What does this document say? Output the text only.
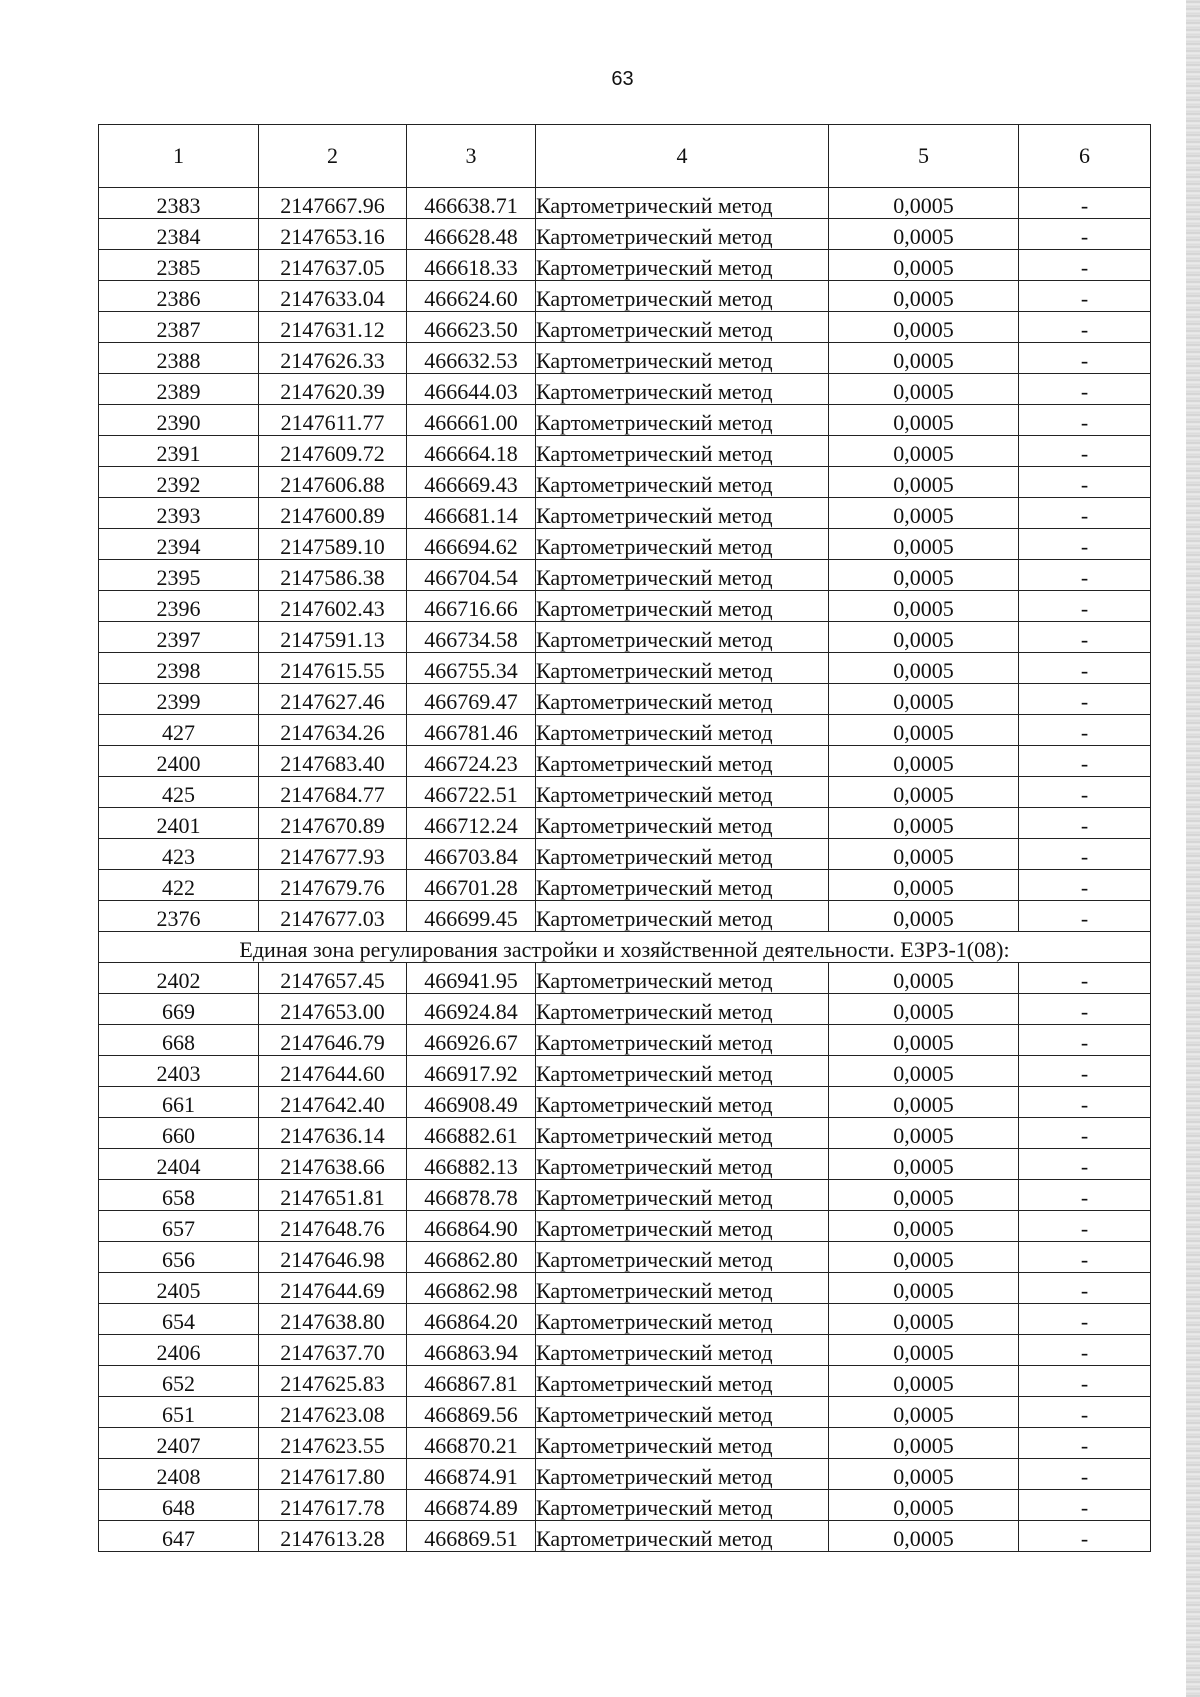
63
1	2	3	4	5	6
2383	2147667.96	466638.71	Картометрический метод	0,0005	-
2384	2147653.16	466628.48	Картометрический метод	0,0005	-
2385	2147637.05	466618.33	Картометрический метод	0,0005	-
2386	2147633.04	466624.60	Картометрический метод	0,0005	-
2387	2147631.12	466623.50	Картометрический метод	0,0005	-
2388	2147626.33	466632.53	Картометрический метод	0,0005	-
2389	2147620.39	466644.03	Картометрический метод	0,0005	-
2390	2147611.77	466661.00	Картометрический метод	0,0005	-
2391	2147609.72	466664.18	Картометрический метод	0,0005	-
2392	2147606.88	466669.43	Картометрический метод	0,0005	-
2393	2147600.89	466681.14	Картометрический метод	0,0005	-
2394	2147589.10	466694.62	Картометрический метод	0,0005	-
2395	2147586.38	466704.54	Картометрический метод	0,0005	-
2396	2147602.43	466716.66	Картометрический метод	0,0005	-
2397	2147591.13	466734.58	Картометрический метод	0,0005	-
2398	2147615.55	466755.34	Картометрический метод	0,0005	-
2399	2147627.46	466769.47	Картометрический метод	0,0005	-
427	2147634.26	466781.46	Картометрический метод	0,0005	-
2400	2147683.40	466724.23	Картометрический метод	0,0005	-
425	2147684.77	466722.51	Картометрический метод	0,0005	-
2401	2147670.89	466712.24	Картометрический метод	0,0005	-
423	2147677.93	466703.84	Картометрический метод	0,0005	-
422	2147679.76	466701.28	Картометрический метод	0,0005	-
2376	2147677.03	466699.45	Картометрический метод	0,0005	-
Единая зона регулирования застройки и хозяйственной деятельности. ЕЗРЗ-1(08):					
2402	2147657.45	466941.95	Картометрический метод	0,0005	-
669	2147653.00	466924.84	Картометрический метод	0,0005	-
668	2147646.79	466926.67	Картометрический метод	0,0005	-
2403	2147644.60	466917.92	Картометрический метод	0,0005	-
661	2147642.40	466908.49	Картометрический метод	0,0005	-
660	2147636.14	466882.61	Картометрический метод	0,0005	-
2404	2147638.66	466882.13	Картометрический метод	0,0005	-
658	2147651.81	466878.78	Картометрический метод	0,0005	-
657	2147648.76	466864.90	Картометрический метод	0,0005	-
656	2147646.98	466862.80	Картометрический метод	0,0005	-
2405	2147644.69	466862.98	Картометрический метод	0,0005	-
654	2147638.80	466864.20	Картометрический метод	0,0005	-
2406	2147637.70	466863.94	Картометрический метод	0,0005	-
652	2147625.83	466867.81	Картометрический метод	0,0005	-
651	2147623.08	466869.56	Картометрический метод	0,0005	-
2407	2147623.55	466870.21	Картометрический метод	0,0005	-
2408	2147617.80	466874.91	Картометрический метод	0,0005	-
648	2147617.78	466874.89	Картометрический метод	0,0005	-
647	2147613.28	466869.51	Картометрический метод	0,0005	-
